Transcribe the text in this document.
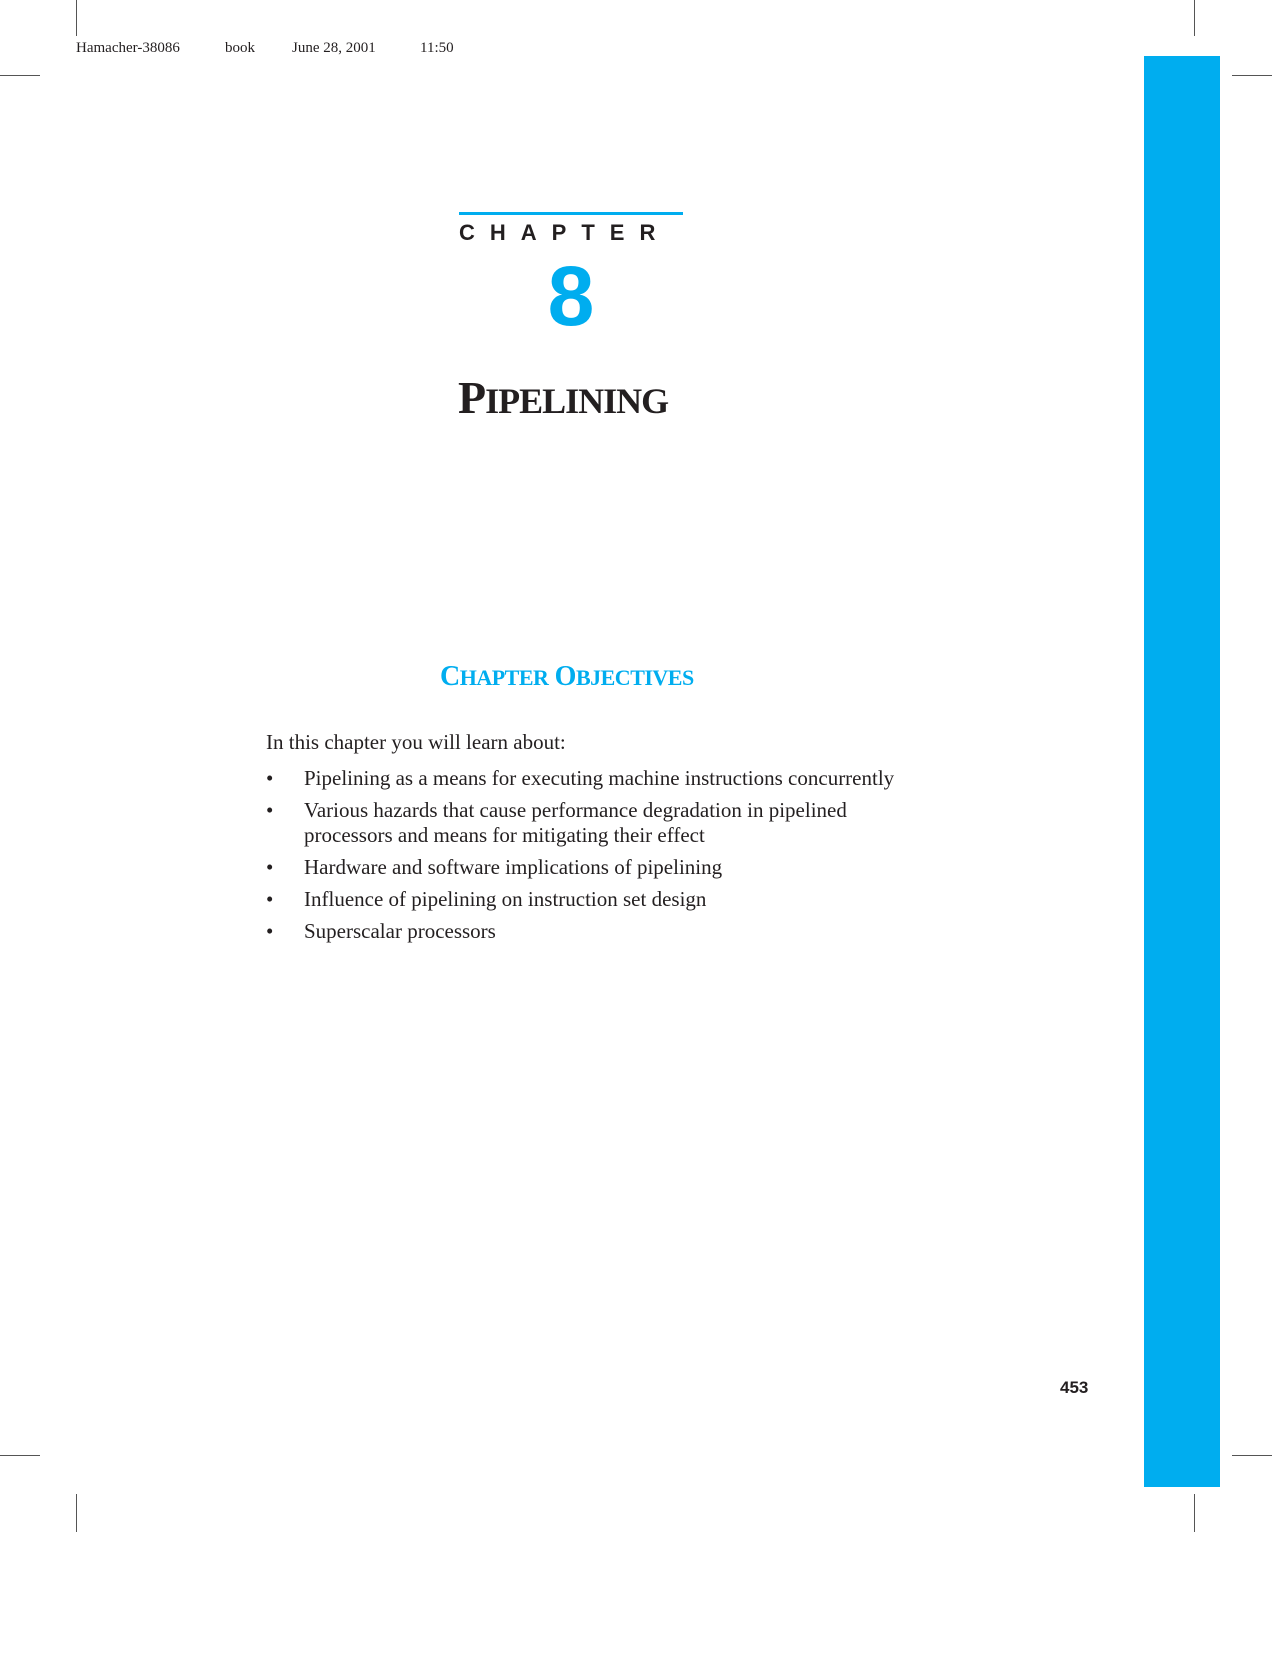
Hamacher-38086	book June 28, 2001	11:50
CHAPTER
8
PIPELINING
CHAPTER OBJECTIVES
In this chapter you will learn about:
• Pipelining as a means for executing machine instructions concurrently
• Various hazards that cause performance degradation in pipelined processors and means for mitigating their effect
• Hardware and software implications of pipelining
• Influence of pipelining on instruction set design
• Superscalar processors
453
